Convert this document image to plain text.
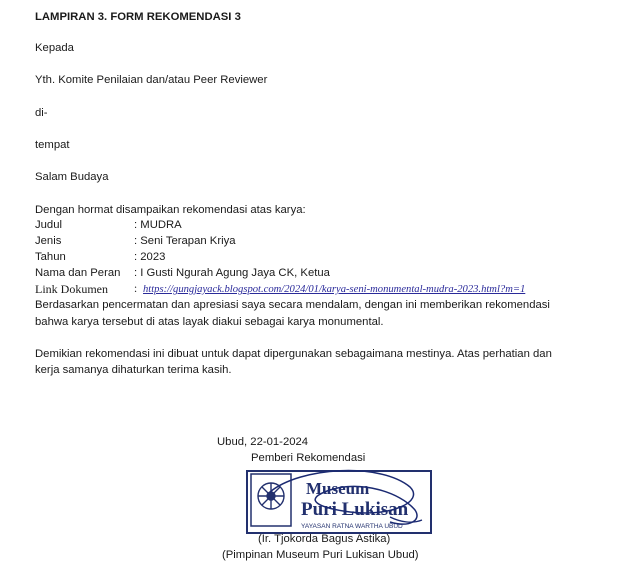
LAMPIRAN 3. FORM REKOMENDASI 3
Kepada
Yth. Komite Penilaian dan/atau Peer Reviewer
di-
tempat
Salam Budaya
Dengan hormat disampaikan rekomendasi atas karya:
Judul	: MUDRA
Jenis	: Seni Terapan Kriya
Tahun	: 2023
Nama dan Peran : I Gusti Ngurah Agung Jaya CK, Ketua
Link Dokumen : https://gungjayack.blogspot.com/2024/01/karya-seni-monumental-mudra-2023.html?m=1
Berdasarkan pencermatan dan apresiasi saya secara mendalam, dengan ini memberikan rekomendasi
bahwa karya tersebut di atas layak diakui sebagai karya monumental.
Demikian rekomendasi ini dibuat untuk dapat dipergunakan sebagaimana mestinya. Atas perhatian dan
kerja samanya dihaturkan terima kasih.
Ubud, 22-01-2024
Pemberi Rekomendasi
Museum
Puri Lukisan
YAYASAN RATNA WARTHA UBUD
(Ir. Tjokorda Bagus Astika)
(Pimpinan Museum Puri Lukisan Ubud)
